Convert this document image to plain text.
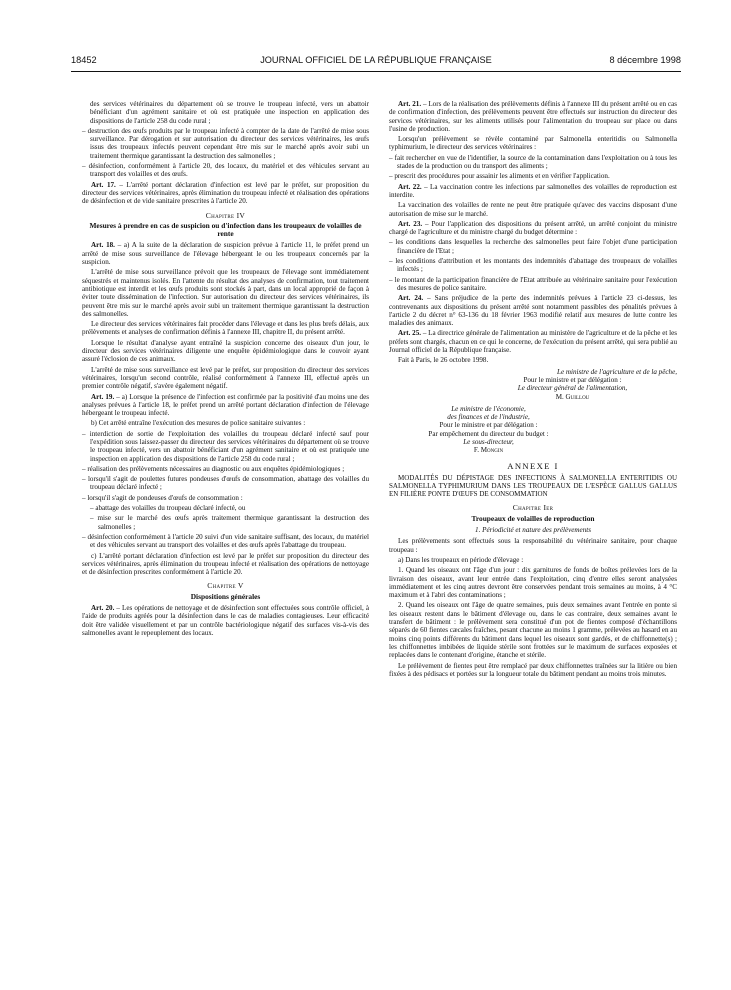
18452	JOURNAL OFFICIEL DE LA RÉPUBLIQUE FRANÇAISE	8 décembre 1998

des services vétérinaires du département où se trouve le troupeau infecté, vers un abattoir bénéficiant d'un agrément sanitaire et où est pratiquée une inspection en application des dispositions de l'article 258 du code rural ;

– destruction des œufs produits par le troupeau infecté à compter de la date de l'arrêté de mise sous surveillance. Par dérogation et sur autorisation du directeur des services vétérinaires, les œufs issus des troupeaux infectés peuvent cependant être mis sur le marché après avoir subi un traitement thermique garantissant la destruction des salmonelles ;

– désinfection, conformément à l'article 20, des locaux, du matériel et des véhicules servant au transport des volailles et des œufs.

Art. 17. – L'arrêté portant déclaration d'infection est levé par le préfet, sur proposition du directeur des services vétérinaires, après élimination du troupeau infecté et réalisation des opérations de désinfection et de vide sanitaire prescrites à l'article 20.

Chapitre IV
Mesures à prendre en cas de suspicion ou d'infection dans les troupeaux de volailles de rente

Art. 18. – a) A la suite de la déclaration de suspicion prévue à l'article 11, le préfet prend un arrêté de mise sous surveillance de l'élevage hébergeant le ou les troupeaux concernés par la suspicion.

L'arrêté de mise sous surveillance prévoit que les troupeaux de l'élevage sont immédiatement séquestrés et maintenus isolés. En l'attente du résultat des analyses de confirmation, tout traitement antibiotique est interdit et les œufs produits sont stockés à part, dans un local approprié de façon à éviter toute dissémination de l'infection. Sur autorisation du directeur des services vétérinaires, ils peuvent être mis sur le marché après avoir subi un traitement thermique garantissant la destruction des salmonelles.

Le directeur des services vétérinaires fait procéder dans l'élevage et dans les plus brefs délais, aux prélèvements et analyses de confirmation définis à l'annexe III, chapitre II, du présent arrêté.

Lorsque le résultat d'analyse ayant entraîné la suspicion concerne des oiseaux d'un jour, le directeur des services vétérinaires diligente une enquête épidémiologique dans le couvoir ayant assuré l'éclosion de ces animaux.

L'arrêté de mise sous surveillance est levé par le préfet, sur proposition du directeur des services vétérinaires, lorsqu'un second contrôle, réalisé conformément à l'annexe III, effectué après un premier contrôle négatif, s'avère également négatif.

Art. 19. – a) Lorsque la présence de l'infection est confirmée par la positivité d'au moins une des analyses prévues à l'article 18, le préfet prend un arrêté portant déclaration d'infection de l'élevage hébergeant le troupeau infecté.

b) Cet arrêté entraîne l'exécution des mesures de police sanitaire suivantes :

– interdiction de sortie de l'exploitation des volailles du troupeau déclaré infecté sauf pour l'expédition sous laissez-passer du directeur des services vétérinaires du département où se trouve le troupeau infecté, vers un abattoir bénéficiant d'un agrément sanitaire et où est pratiquée une inspection en application des dispositions de l'article 258 du code rural ;

– réalisation des prélèvements nécessaires au diagnostic ou aux enquêtes épidémiologiques ;

– lorsqu'il s'agit de poulettes futures pondeuses d'œufs de consommation, abattage des volailles du troupeau déclaré infecté ;

– lorsqu'il s'agit de pondeuses d'œufs de consommation :

– abattage des volailles du troupeau déclaré infecté, ou

– mise sur le marché des œufs après traitement thermique garantissant la destruction des salmonelles ;

– désinfection conformément à l'article 20 suivi d'un vide sanitaire suffisant, des locaux, du matériel et des véhicules servant au transport des volailles et des œufs après l'abattage du troupeau.

c) L'arrêté portant déclaration d'infection est levé par le préfet sur proposition du directeur des services vétérinaires, après élimination du troupeau infecté et réalisation des opérations de nettoyage et de désinfection prescrites conformément à l'article 20.

Chapitre V
Dispositions générales

Art. 20. – Les opérations de nettoyage et de désinfection sont effectuées sous contrôle officiel, à l'aide de produits agréés pour la désinfection dans le cas de maladies contagieuses. Leur efficacité doit être validée visuellement et par un contrôle bactériologique négatif des surfaces vis-à-vis des salmonelles avant le repeuplement des locaux.

Art. 21. – Lors de la réalisation des prélèvements définis à l'annexe III du présent arrêté ou en cas de confirmation d'infection, des prélèvements peuvent être effectués sur instruction du directeur des services vétérinaires, sur les aliments utilisés pour l'alimentation du troupeau sur place ou dans l'usine de production.

Lorsqu'un prélèvement se révèle contaminé par Salmonella enteritidis ou Salmonella typhimurium, le directeur des services vétérinaires :

– fait rechercher en vue de l'identifier, la source de la contamination dans l'exploitation ou à tous les stades de la production ou du transport des aliments ;

– prescrit des procédures pour assainir les aliments et en vérifier l'application.

Art. 22. – La vaccination contre les infections par salmonelles des volailles de reproduction est interdite.

La vaccination des volailles de rente ne peut être pratiquée qu'avec des vaccins disposant d'une autorisation de mise sur le marché.

Art. 23. – Pour l'application des dispositions du présent arrêté, un arrêté conjoint du ministre chargé de l'agriculture et du ministre chargé du budget détermine :

– les conditions dans lesquelles la recherche des salmonelles peut faire l'objet d'une participation financière de l'Etat ;

– les conditions d'attribution et les montants des indemnités d'abattage des troupeaux de volailles infectés ;

– le montant de la participation financière de l'Etat attribuée au vétérinaire sanitaire pour l'exécution des mesures de police sanitaire.

Art. 24. – Sans préjudice de la perte des indemnités prévues à l'article 23 ci-dessus, les contrevenants aux dispositions du présent arrêté sont notamment passibles des pénalités prévues à l'article 2 du décret n° 63-136 du 18 février 1963 modifié relatif aux mesures de lutte contre les maladies des animaux.

Art. 25. – La directrice générale de l'alimentation au ministère de l'agriculture et de la pêche et les préfets sont chargés, chacun en ce qui le concerne, de l'exécution du présent arrêté, qui sera publié au Journal officiel de la République française.

Fait à Paris, le 26 octobre 1998.

Le ministre de l'agriculture et de la pêche,

Pour le ministre et par délégation :

Le directeur général de l'alimentation,

M. Guillou

Le ministre de l'économie,

des finances et de l'industrie,

Pour le ministre et par délégation :

Par empêchement du directeur du budget :

Le sous-directeur,

F. Mongin

ANNEXE I

MODALITÉS DU DÉPISTAGE DES INFECTIONS À SALMONELLA ENTERITIDIS OU SALMONELLA TYPHIMURIUM DANS LES TROUPEAUX DE L'ESPÈCE GALLUS GALLUS EN FILIÈRE PONTE D'ŒUFS DE CONSOMMATION

Chapitre Ier
Troupeaux de volailles de reproduction
1. Périodicité et nature des prélèvements

Les prélèvements sont effectués sous la responsabilité du vétérinaire sanitaire, pour chaque troupeau :

a) Dans les troupeaux en période d'élevage :

1. Quand les oiseaux ont l'âge d'un jour : dix garnitures de fonds de boîtes prélevées lors de la livraison des oiseaux, avant leur entrée dans l'exploitation, cinq d'entre elles seront analysées immédiatement et les cinq autres devront être conservées pendant trois semaines au moins, à 4 °C maximum et à l'abri des contaminations ;

2. Quand les oiseaux ont l'âge de quatre semaines, puis deux semaines avant l'entrée en ponte si les oiseaux restent dans le bâtiment d'élevage ou, dans le cas contraire, deux semaines avant le transfert de bâtiment : le prélèvement sera constitué d'un pot de fientes composé d'échantillons séparés de 60 fientes cæcales fraîches, pesant chacune au moins 1 gramme, prélevées au hasard en au moins cinq points différents du bâtiment dans lequel les oiseaux sont gardés, et de chiffonnette(s) ; les chiffonnettes imbibées de liquide stérile sont frottées sur le maximum de surfaces exposées et replacées dans le contenant d'origine, étanche et stérile.

Le prélèvement de fientes peut être remplacé par deux chiffonnettes traînées sur la litière ou bien fixées à des pédisacs et portées sur la longueur totale du bâtiment pendant au moins trois minutes.
